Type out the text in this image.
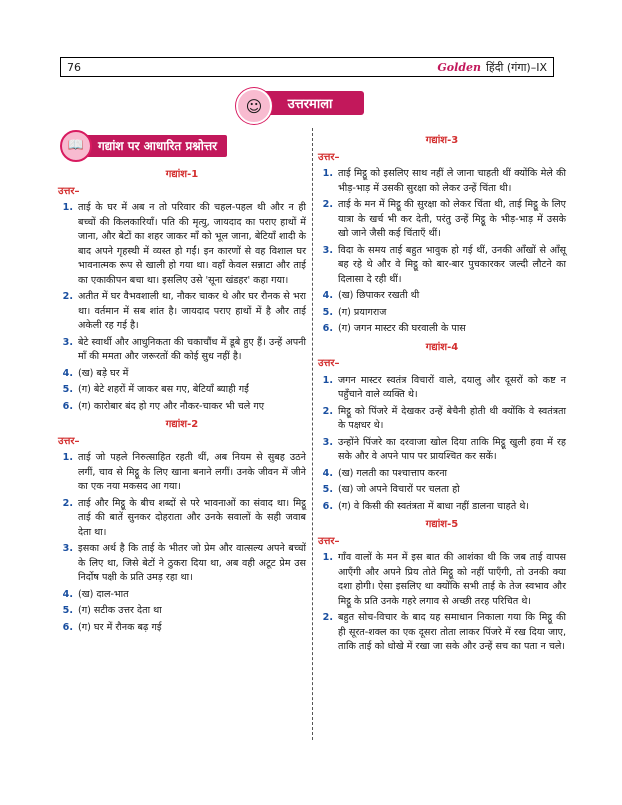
76	Golden हिंदी (गंगा)–IX
☺	उत्तरमाला
📖	गद्यांश पर आधारित प्रश्नोत्तर
गद्यांश-1
उत्तर–
1. ताई के घर में अब न तो परिवार की चहल-पहल थी और न ही बच्चों की किलकारियाँ। पति की मृत्यु, जायदाद का पराए हाथों में जाना, और बेटों का शहर जाकर माँ को भूल जाना, बेटियाँ शादी के बाद अपने गृहस्थी में व्यस्त हो गईं। इन कारणों से वह विशाल घर भावनात्मक रूप से खाली हो गया था। वहाँ केवल सन्नाटा और ताई का एकाकीपन बचा था। इसलिए उसे 'सूना खंडहर' कहा गया।
2. अतीत में घर वैभवशाली था, नौकर चाकर थे और घर रौनक से भरा था। वर्तमान में सब शांत है। जायदाद पराए हाथों में है और ताई अकेली रह गई है।
3. बेटे स्वार्थी और आधुनिकता की चकाचौंध में डूबे हुए हैं। उन्हें अपनी माँ की ममता और जरूरतों की कोई सुध नहीं है।
4. (ख) बड़े घर में
5. (ग) बेटे शहरों में जाकर बस गए, बेटियाँ ब्याही गईं
6. (ग) कारोबार बंद हो गए और नौकर-चाकर भी चले गए
गद्यांश-2
उत्तर–
1. ताई जो पहले निरुत्साहित रहती थीं, अब नियम से सुबह उठने लगीं, चाव से मिट्ठू के लिए खाना बनाने लगीं। उनके जीवन में जीने का एक नया मकसद आ गया।
2. ताई और मिट्ठू के बीच शब्दों से परे भावनाओं का संवाद था। मिट्ठू ताई की बातें सुनकर दोहराता और उनके सवालों के सही जवाब देता था।
3. इसका अर्थ है कि ताई के भीतर जो प्रेम और वात्सल्य अपने बच्चों के लिए था, जिसे बेटों ने ठुकरा दिया था, अब वही अटूट प्रेम उस निर्दोष पक्षी के प्रति उमड़ रहा था।
4. (ख) दाल-भात
5. (ग) सटीक उत्तर देता था
6. (ग) घर में रौनक बढ़ गई
गद्यांश-3
उत्तर–
1. ताई मिट्ठू को इसलिए साथ नहीं ले जाना चाहती थीं क्योंकि मेले की भीड़-भाड़ में उसकी सुरक्षा को लेकर उन्हें चिंता थी।
2. ताई के मन में मिट्ठू की सुरक्षा को लेकर चिंता थी, ताई मिट्ठू के लिए यात्रा के खर्च भी कर देती, परंतु उन्हें मिट्ठू के भीड़-भाड़ में उसके खो जाने जैसी कई चिंताएँ थीं।
3. विदा के समय ताई बहुत भावुक हो गई थीं, उनकी आँखों से आँसू बह रहे थे और वे मिट्ठू को बार-बार पुचकारकर जल्दी लौटने का दिलासा दे रही थीं।
4. (ख) छिपाकर रखती थी
5. (ग) प्रयागराज
6. (ग) जगन मास्टर की घरवाली के पास
गद्यांश-4
उत्तर–
1. जगन मास्टर स्वतंत्र विचारों वाले, दयालु और दूसरों को कष्ट न पहुँचाने वाले व्यक्ति थे।
2. मिट्ठू को पिंजरे में देखकर उन्हें बेचैनी होती थी क्योंकि वे स्वतंत्रता के पक्षधर थे।
3. उन्होंने पिंजरे का दरवाजा खोल दिया ताकि मिट्ठू खुली हवा में रह सके और वे अपने पाप पर प्रायश्चित कर सकें।
4. (ख) गलती का पश्चात्ताप करना
5. (ख) जो अपने विचारों पर चलता हो
6. (ग) वे किसी की स्वतंत्रता में बाधा नहीं डालना चाहते थे।
गद्यांश-5
उत्तर–
1. गाँव वालों के मन में इस बात की आशंका थी कि जब ताई वापस आएँगी और अपने प्रिय तोते मिट्ठू को नहीं पाएँगी, तो उनकी क्या दशा होगी। ऐसा इसलिए था क्योंकि सभी ताई के तेज स्वभाव और मिट्ठू के प्रति उनके गहरे लगाव से अच्छी तरह परिचित थे।
2. बहुत सोच-विचार के बाद यह समाधान निकाला गया कि मिट्ठू की ही सूरत-शक्ल का एक दूसरा तोता लाकर पिंजरे में रख दिया जाए, ताकि ताई को धोखे में रखा जा सके और उन्हें सच का पता न चले।
